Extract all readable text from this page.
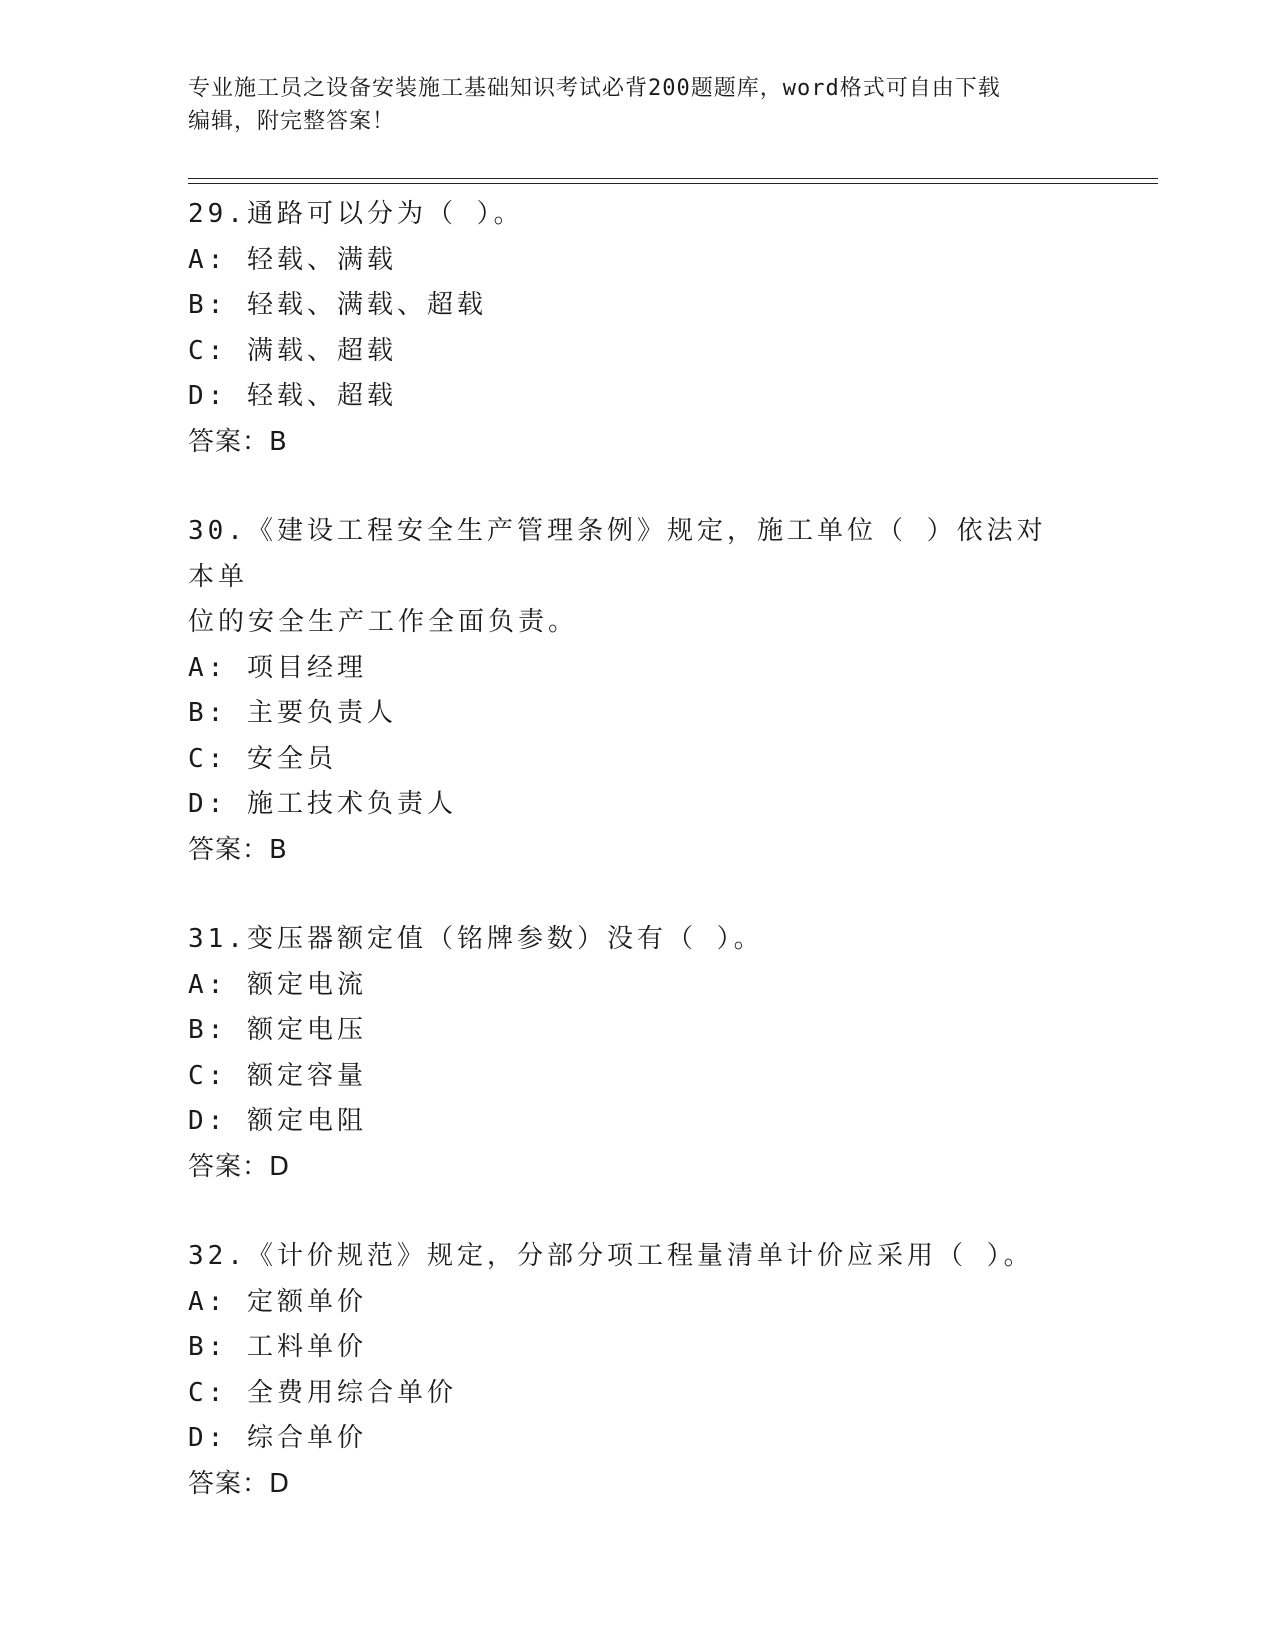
专业施工员之设备安装施工基础知识考试必背200题题库，word格式可自由下载
编辑，附完整答案！

29.通路可以分为（ ）。

A: 轻载、满载

B: 轻载、满载、超载

C: 满载、超载

D: 轻载、超载

答案：B

30.《建设工程安全生产管理条例》规定，施工单位（ ）依法对本单

位的安全生产工作全面负责。

A: 项目经理

B: 主要负责人

C: 安全员

D: 施工技术负责人

答案：B

31.变压器额定值（铭牌参数）没有（ ）。

A: 额定电流

B: 额定电压

C: 额定容量

D: 额定电阻

答案：D

32.《计价规范》规定，分部分项工程量清单计价应采用（ ）。

A: 定额单价

B: 工料单价

C: 全费用综合单价

D: 综合单价

答案：D
